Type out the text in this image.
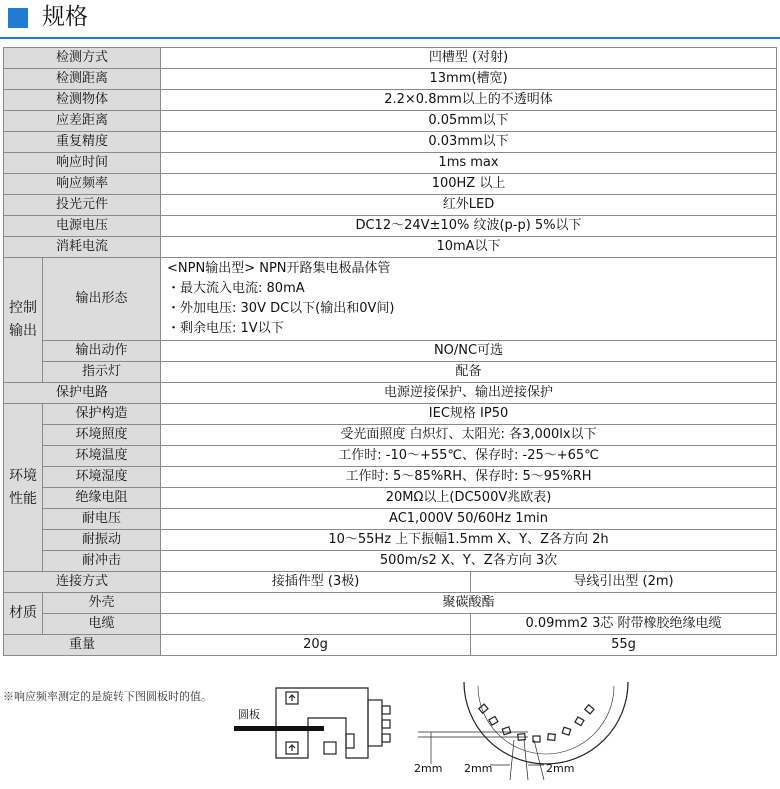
规格
检测方式		凹槽型 (对射)	
检测距离		13mm(槽宽)	
检测物体		2.2×0.8mm以上的不透明体	
应差距离		0.05mm以下	
重复精度		0.03mm以下	
响应时间		1ms max	
响应频率		100HZ 以上	
投光元件		红外LED	
电源电压		DC12～24V±10% 纹波(p-p) 5%以下	
消耗电流		10mA以下	
控制输出	输出形态	<NPN输出型> NPN开路集电极晶体管
・最大流入电流: 80mA
・外加电压: 30V DC以下(输出和0V间)
・剩余电压: 1V以下	

	输出动作	NO/NC可选	
	指示灯	配备	
保护电路		电源逆接保护、输出逆接保护	
环境性能	保护构造	IEC规格 IP50	
	环境照度	受光面照度 白炽灯、太阳光: 各3,000lx以下	
	环境温度	工作时: -10～+55℃、保存时: -25～+65℃	
	环境湿度	工作时: 5～85%RH、保存时: 5～95%RH	
	绝缘电阻	20MΩ以上(DC500V兆欧表)	
	耐电压	AC1,000V 50/60Hz 1min	
	耐振动	10～55Hz 上下振幅1.5mm X、Y、Z各方向 2h	
	耐冲击	500m/s2 X、Y、Z各方向 3次	
连接方式		接插件型 (3极)	导线引出型 (2m)
材质	外壳	聚碳酸酯	
	电缆		0.09mm2 3芯 附带橡胶绝缘电缆
重量		20g	55g
※响应频率测定的是旋转下图圆板时的值。
圆板
2mm 2mm	2mm
